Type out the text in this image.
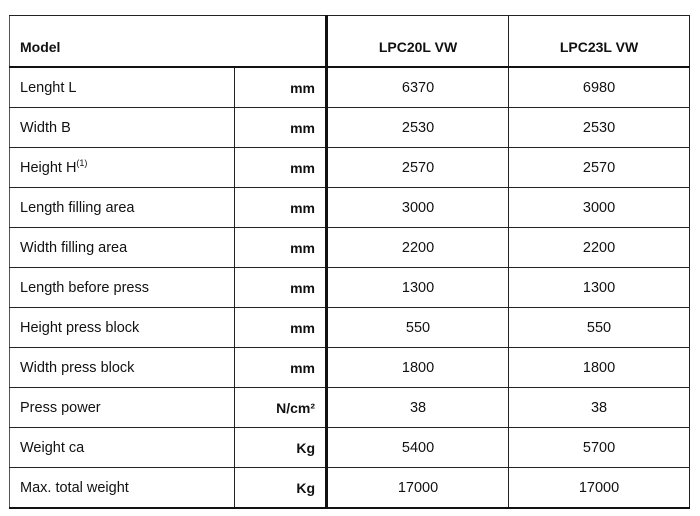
Model		LPC20L VW	LPC23L VW
Lenght L	mm	6370	6980
Width B	mm	2530	2530
Height H$^{(1)}$	mm	2570	2570
Length filling area	mm	3000	3000
Width filling area	mm	2200	2200
Length before press	mm	1300	1300
Height press block	mm	550	550
Width press block	mm	1800	1800
Press power	N/cm²	38	38
Weight ca	Kg	5400	5700
Max. total weight	Kg	17000	17000
